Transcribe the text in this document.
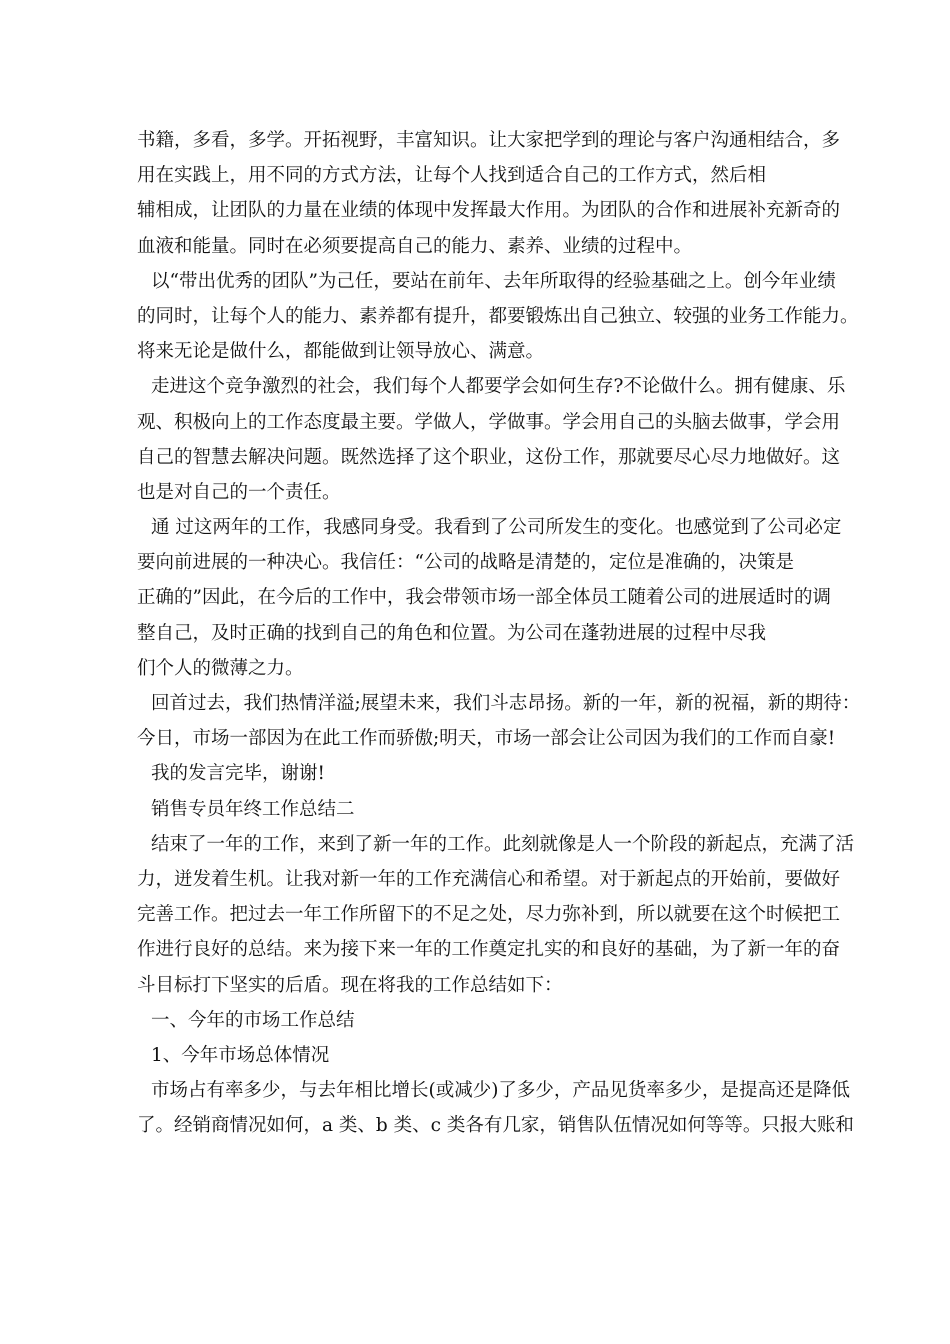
书籍，多看，多学。开拓视野，丰富知识。让大家把学到的理论与客户沟通相结合，多
用在实践上，用不同的方式方法，让每个人找到适合自己的工作方式，然后相
辅相成，让团队的力量在业绩的体现中发挥最大作用。为团队的合作和进展补充新奇的
血液和能量。同时在必须要提高自己的能力、素养、业绩的过程中。
以“带出优秀的团队”为己任，要站在前年、去年所取得的经验基础之上。创今年业绩
的同时，让每个人的能力、素养都有提升，都要锻炼出自己独立、较强的业务工作能力。
将来无论是做什么，都能做到让领导放心、满意。
走进这个竞争激烈的社会，我们每个人都要学会如何生存?不论做什么。拥有健康、乐
观、积极向上的工作态度最主要。学做人，学做事。学会用自己的头脑去做事，学会用
自己的智慧去解决问题。既然选择了这个职业，这份工作，那就要尽心尽力地做好。这
也是对自己的一个责任。
通 过这两年的工作，我感同身受。我看到了公司所发生的变化。也感觉到了公司必定
要向前进展的一种决心。我信任：“公司的战略是清楚的，定位是准确的，决策是
正确的”因此，在今后的工作中，我会带领市场一部全体员工随着公司的进展适时的调
整自己，及时正确的找到自己的角色和位置。为公司在蓬勃进展的过程中尽我
们个人的微薄之力。
回首过去，我们热情洋溢;展望未来，我们斗志昂扬。新的一年，新的祝福，新的期待：
今日，市场一部因为在此工作而骄傲;明天，市场一部会让公司因为我们的工作而自豪!
我的发言完毕，谢谢!
销售专员年终工作总结二
结束了一年的工作，来到了新一年的工作。此刻就像是人一个阶段的新起点，充满了活
力，迸发着生机。让我对新一年的工作充满信心和希望。对于新起点的开始前，要做好
完善工作。把过去一年工作所留下的不足之处，尽力弥补到，所以就要在这个时候把工
作进行良好的总结。来为接下来一年的工作奠定扎实的和良好的基础，为了新一年的奋
斗目标打下坚实的后盾。现在将我的工作总结如下：
一、今年的市场工作总结
1、今年市场总体情况
市场占有率多少，与去年相比增长(或减少)了多少，产品见货率多少，是提高还是降低
了。经销商情况如何，a 类、b 类、c 类各有几家，销售队伍情况如何等等。只报大账和
